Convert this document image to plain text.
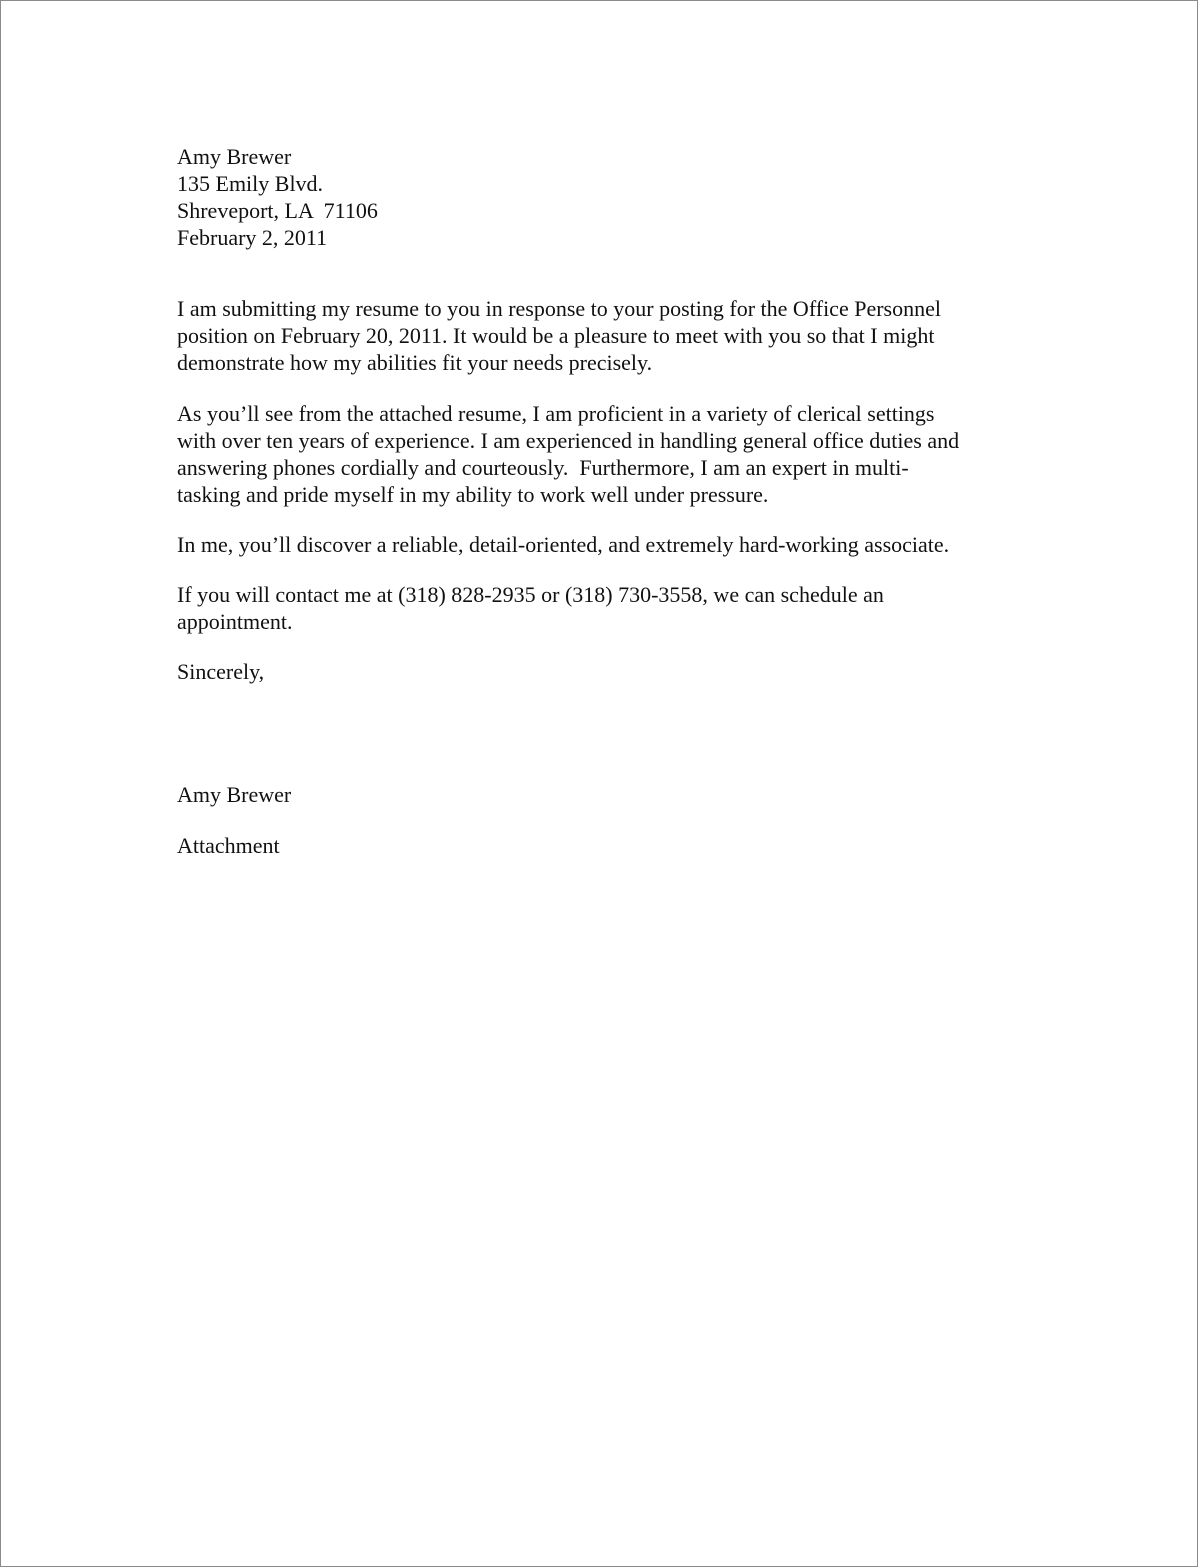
Amy Brewer
135 Emily Blvd.
Shreveport, LA  71106
February 2, 2011
I am submitting my resume to you in response to your posting for the Office Personnel
position on February 20, 2011. It would be a pleasure to meet with you so that I might
demonstrate how my abilities fit your needs precisely.
As you’ll see from the attached resume, I am proficient in a variety of clerical settings
with over ten years of experience. I am experienced in handling general office duties and
answering phones cordially and courteously.  Furthermore, I am an expert in multi-
tasking and pride myself in my ability to work well under pressure.
In me, you’ll discover a reliable, detail-oriented, and extremely hard-working associate.
If you will contact me at (318) 828-2935 or (318) 730-3558, we can schedule an
appointment.
Sincerely,
Amy Brewer
Attachment
